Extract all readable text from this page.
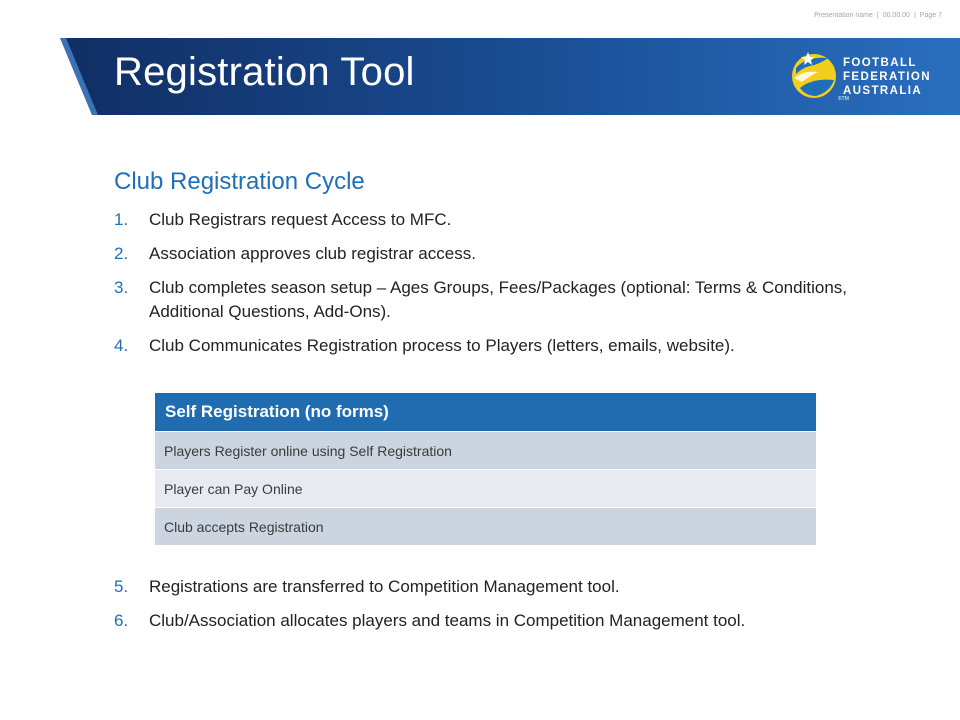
Presentation name | 00.00.00 | Page 7
Registration Tool	FOOTBALL
FEDERATION
AUSTRALIA
©TM
Club Registration Cycle
1. Club Registrars request Access to MFC.
2. Association approves club registrar access.
3. Club completes season setup – Ages Groups, Fees/Packages (optional: Terms & Conditions, Additional Questions, Add-Ons).
4. Club Communicates Registration process to Players (letters, emails, website).
Self Registration (no forms)
Players Register online using Self Registration
Player can Pay Online
Club accepts Registration
5. Registrations are transferred to Competition Management tool.
6. Club/Association allocates players and teams in Competition Management tool.
